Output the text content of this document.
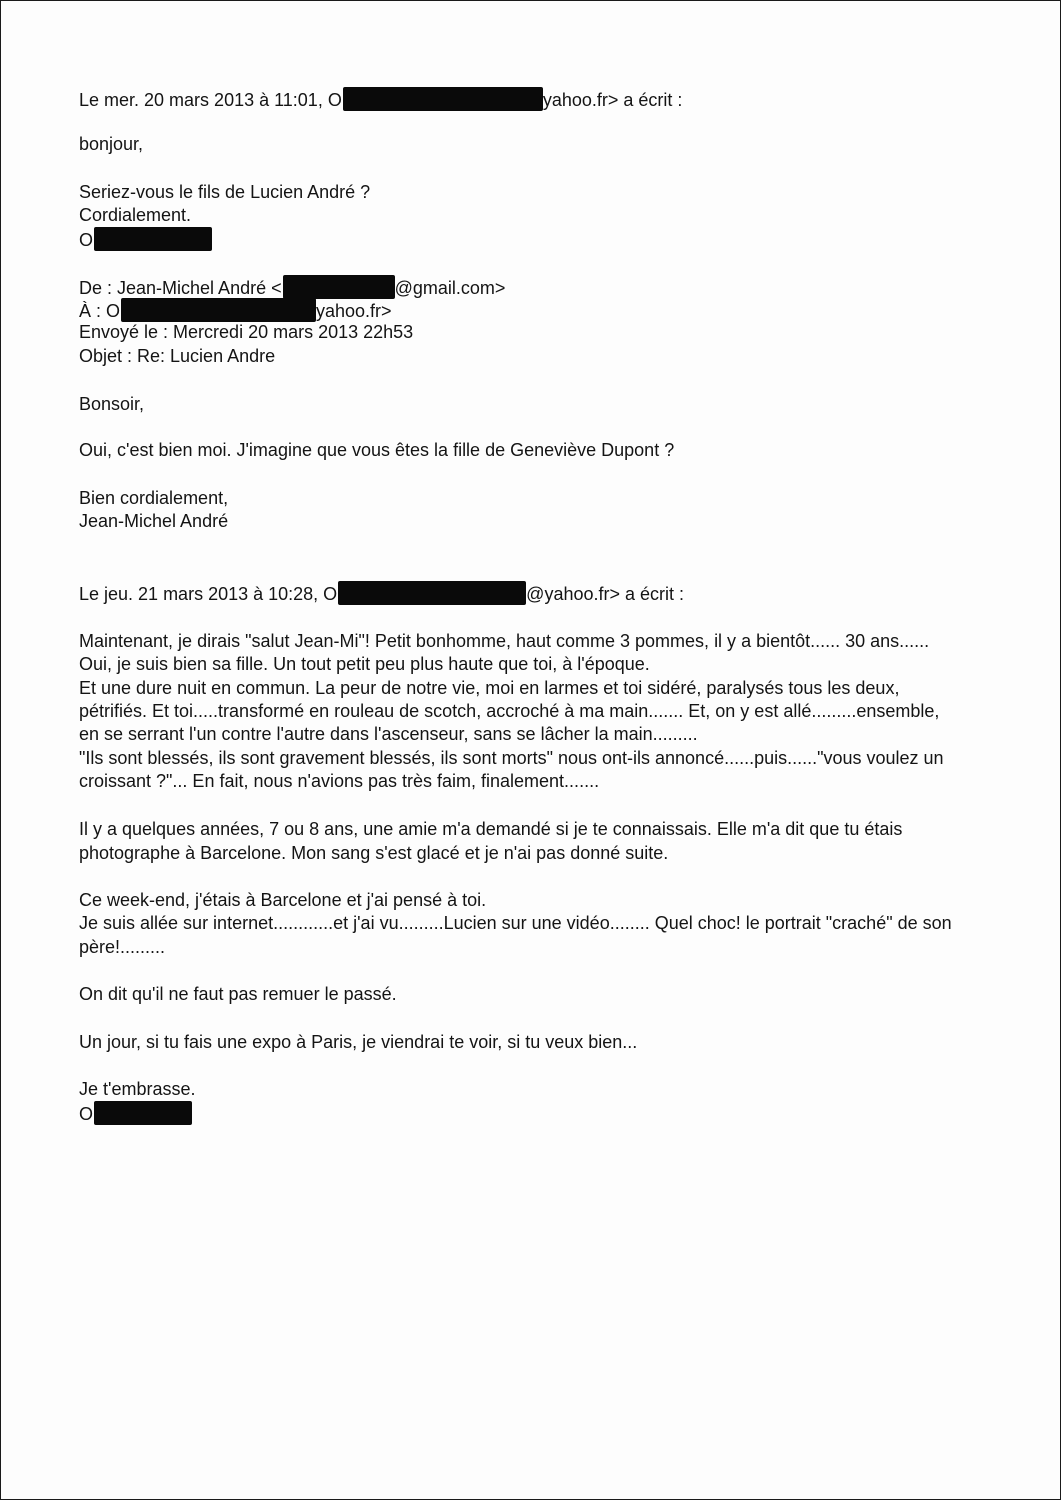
Le mer. 20 mars 2013 à 11:01, O	yahoo.fr> a écrit :

bonjour,

Seriez-vous le fils de Lucien André ?

Cordialement.

O

De : Jean-Michel André <	@gmail.com>

À : O	yahoo.fr>

Envoyé le : Mercredi 20 mars 2013 22h53

Objet : Re: Lucien Andre

Bonsoir,

Oui, c'est bien moi. J'imagine que vous êtes la fille de Geneviève Dupont ?

Bien cordialement,

Jean-Michel André

Le jeu. 21 mars 2013 à 10:28, O	@yahoo.fr> a écrit :

Maintenant, je dirais "salut Jean-Mi"! Petit bonhomme, haut comme 3 pommes, il y a bientôt...... 30 ans......

Oui, je suis bien sa fille. Un tout petit peu plus haute que toi, à l'époque.

Et une dure nuit en commun. La peur de notre vie, moi en larmes et toi sidéré, paralysés tous les deux,

pétrifiés. Et toi.....transformé en rouleau de scotch, accroché à ma main....... Et, on y est allé.........ensemble,

en se serrant l'un contre l'autre dans l'ascenseur, sans se lâcher la main.........

"Ils sont blessés, ils sont gravement blessés, ils sont morts" nous ont-ils annoncé......puis......"vous voulez un

croissant ?"... En fait, nous n'avions pas très faim, finalement.......

Il y a quelques années, 7 ou 8 ans, une amie m'a demandé si je te connaissais. Elle m'a dit que tu étais

photographe à Barcelone. Mon sang s'est glacé et je n'ai pas donné suite.

Ce week-end, j'étais à Barcelone et j'ai pensé à toi.

Je suis allée sur internet............et j'ai vu.........Lucien sur une vidéo........ Quel choc! le portrait "craché" de son

père!.........

On dit qu'il ne faut pas remuer le passé.

Un jour, si tu fais une expo à Paris, je viendrai te voir, si tu veux bien...

Je t'embrasse.

O
